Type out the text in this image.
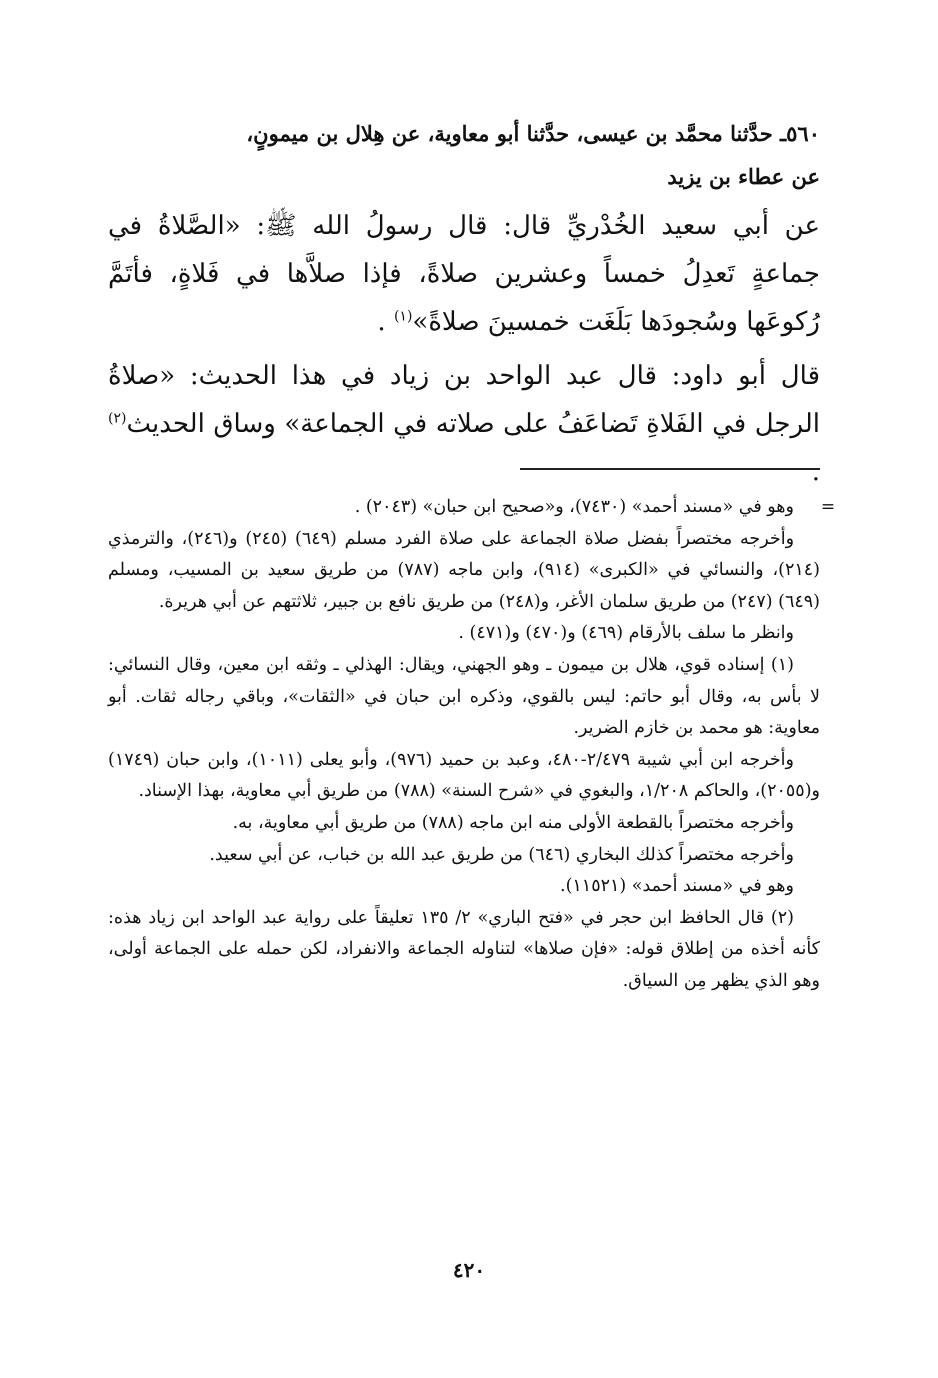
٥٦٠ـ حدَّثنا محمَّد بن عيسى، حدَّثنا أبو معاوية، عن هِلال بن ميمونٍ،
عن عطاء بن يزيد

عن أبي سعيد الخُدْريِّ قال: قال رسولُ الله ﷺ: «الصَّلاةُ في جماعةٍ تَعدِلُ خمساً وعشرين صلاةً، فإذا صلاَّها في فَلاةٍ، فأتَمَّ رُكوعَها وسُجودَها بَلَغَت خمسينَ صلاةً»$^{(١)}$ .

قال أبو داود: قال عبد الواحد بن زياد في هذا الحديث: «صلاةُ الرجل في الفَلاةِ تَضاعَفُ على صلاته في الجماعة» وساق الحديث$^{(٢)}$ .

=

وهو في «مسند أحمد» (٧٤٣٠)، و«صحيح ابن حبان» (٢٠٤٣) .

وأخرجه مختصراً بفضل صلاة الجماعة على صلاة الفرد مسلم (٦٤٩) (٢٤٥) و(٢٤٦)، والترمذي (٢١٤)، والنسائي في «الكبرى» (٩١٤)، وابن ماجه (٧٨٧) من طريق سعيد بن المسيب، ومسلم (٦٤٩) (٢٤٧) من طريق سلمان الأغر، و(٢٤٨) من طريق نافع بن جبير، ثلاثتهم عن أبي هريرة.

وانظر ما سلف بالأرقام (٤٦٩) و(٤٧٠) و(٤٧١) .

(١) إسناده قوي، هلال بن ميمون ـ وهو الجهني، ويقال: الهذلي ـ وثقه ابن معين، وقال النسائي: لا بأس به، وقال أبو حاتم: ليس بالقوي، وذكره ابن حبان في «الثقات»، وباقي رجاله ثقات. أبو معاوية: هو محمد بن خازم الضرير.

وأخرجه ابن أبي شيبة ٢/٤٧٩-٤٨٠، وعبد بن حميد (٩٧٦)، وأبو يعلى (١٠١١)، وابن حبان (١٧٤٩) و(٢٠٥٥)، والحاكم ١/٢٠٨، والبغوي في «شرح السنة» (٧٨٨) من طريق أبي معاوية، بهذا الإسناد.

وأخرجه مختصراً بالقطعة الأولى منه ابن ماجه (٧٨٨) من طريق أبي معاوية، به.

وأخرجه مختصراً كذلك البخاري (٦٤٦) من طريق عبد الله بن خباب، عن أبي سعيد.

وهو في «مسند أحمد» (١١٥٢١).

(٢) قال الحافظ ابن حجر في «فتح الباري» ٢/ ١٣٥ تعليقاً على رواية عبد الواحد ابن زياد هذه: كأنه أخذه من إطلاق قوله: «فإن صلاها» لتناوله الجماعة والانفراد، لكن حمله على الجماعة أولى، وهو الذي يظهر مِن السياق.

٤٢٠
